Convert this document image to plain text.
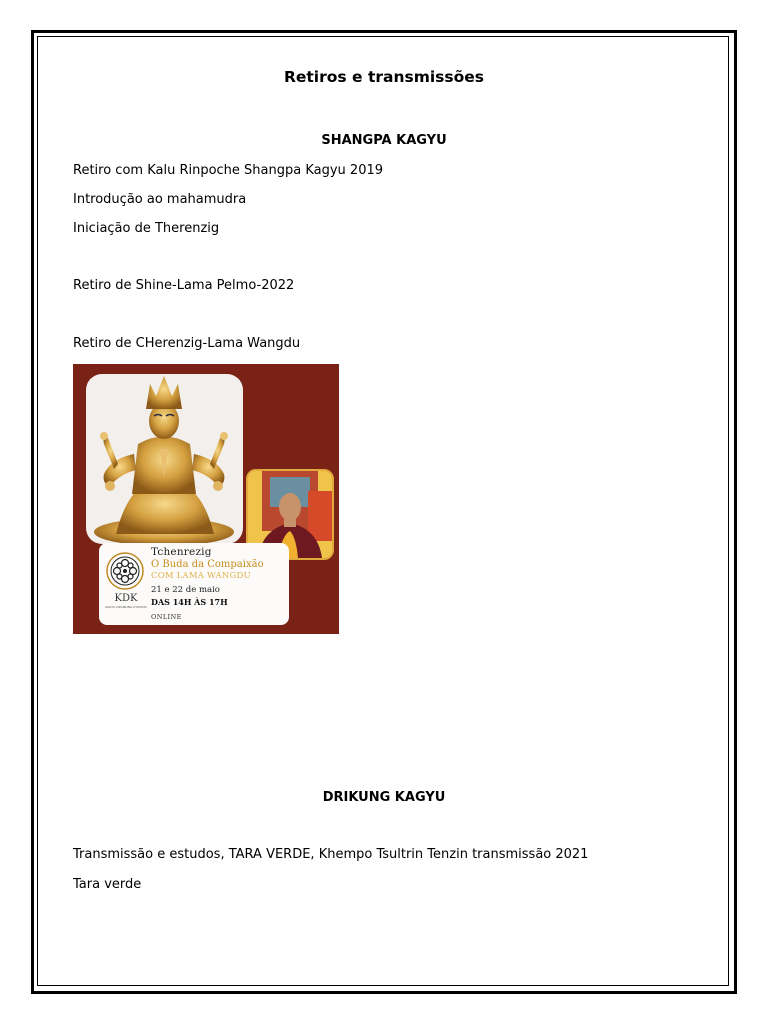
Retiros e transmissões
SHANGPA KAGYU
Retiro com Kalu Rinpoche Shangpa Kagyu 2019
Introdução ao mahamudra
Iniciação de Therenzig
Retiro de Shine-Lama Pelmo-2022
Retiro de CHerenzig-Lama Wangdu
KDK
KAGYU DZAMLING KYISHOD
Tchenrezig
O Buda da Compaixão
COM LAMA WANGDU
21 e 22 de maio
DAS 14H ÀS 17H
ONLINE
DRIKUNG KAGYU
Transmissão e estudos, TARA VERDE, Khempo Tsultrin Tenzin transmissão 2021
Tara verde
